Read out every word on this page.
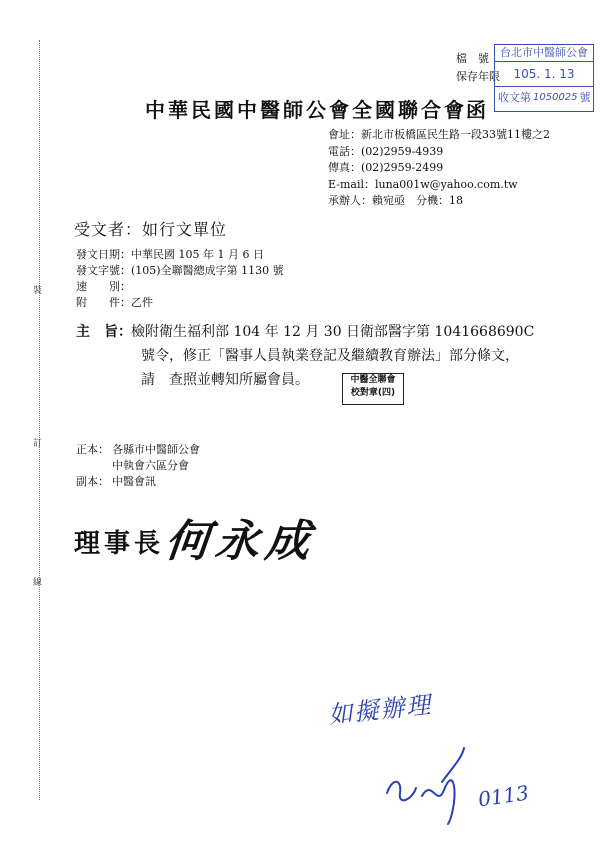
裝
訂
線
檔　號
保存年限
台北市中醫師公會
105. 1. 13
收文第 1050025 號
中華民國中醫師公會全國聯合會 函
會址：新北市板橋區民生路一段33號11樓之2
電話：(02)2959-4939
傳真：(02)2959-2499
E-mail：luna001w@yahoo.com.tw
承辦人：賴宛亟　分機：18
受文者：如行文單位
發文日期：中華民國 105 年 1 月 6 日
發文字號：(105)全聯醫總成字第 1130 號
速　　別：
附　　件：乙件
主　旨： 檢附衛生福利部 104 年 12 月 30 日衛部醫字第 1041668690C
號令，修正「醫事人員執業登記及繼續教育辦法」部分條文，
請　查照並轉知所屬會員。	中醫全聯會
校對章(四)
正本： 各縣市中醫師公會
中執會六區分會
副本： 中醫會訊
理事長
何永成
如擬辦理
0113
